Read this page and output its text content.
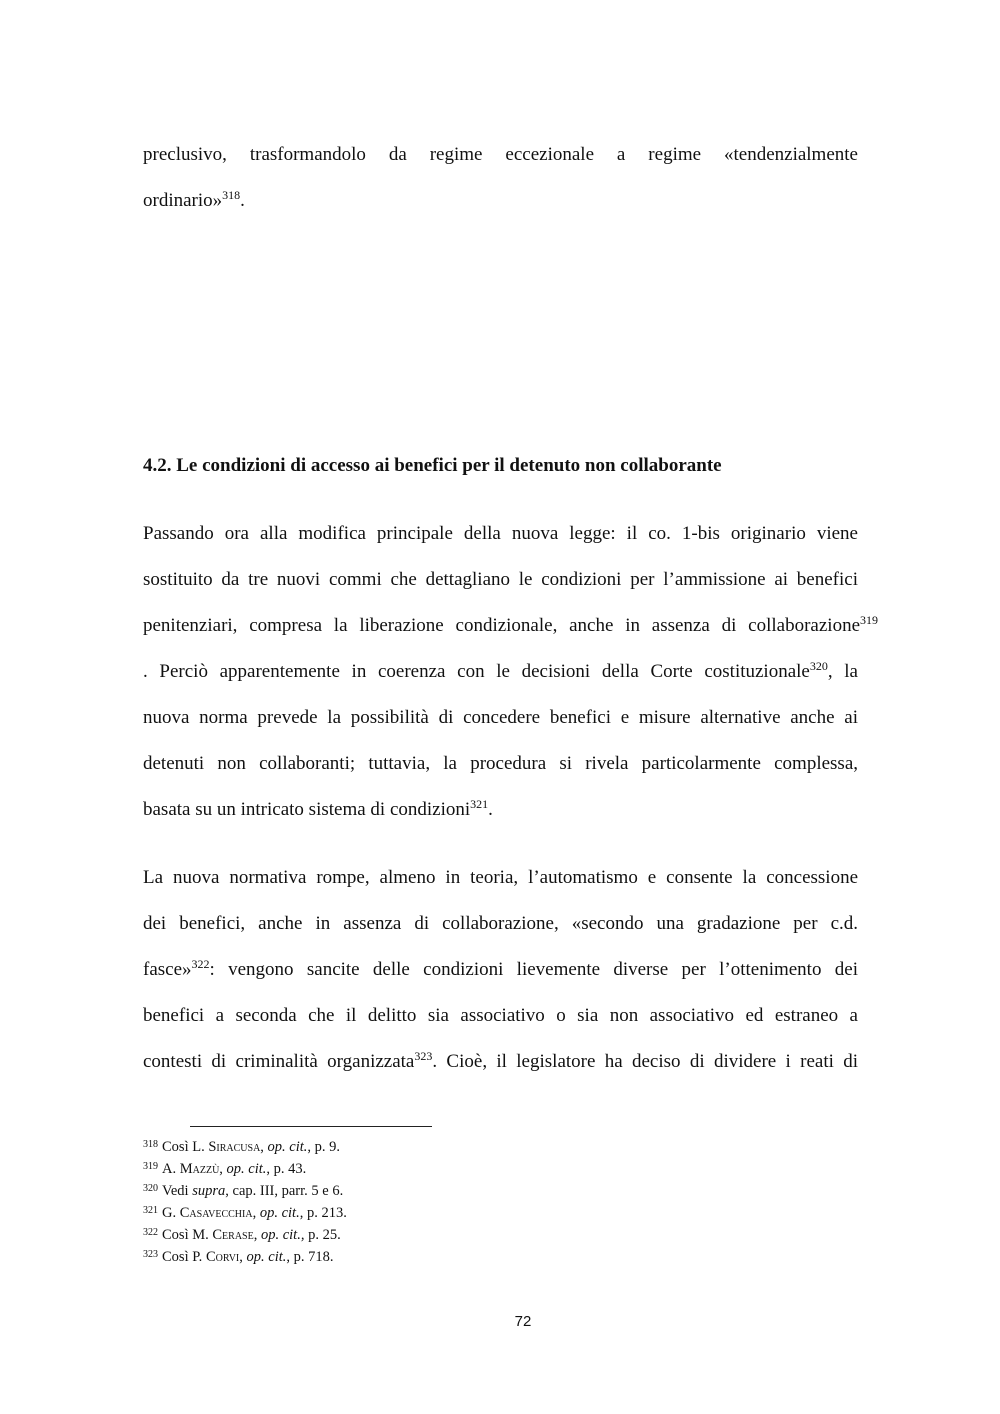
preclusivo, trasformandolo da regime eccezionale a regime «tendenzialmente
ordinario»$^{318}$.
4.2. Le condizioni di accesso ai benefici per il detenuto non collaborante
Passando ora alla modifica principale della nuova legge: il co. 1-bis originario viene
sostituito da tre nuovi commi che dettagliano le condizioni per l’ammissione ai benefici
penitenziari, compresa la liberazione condizionale, anche in assenza di collaborazione$^{319}$
. Perciò apparentemente in coerenza con le decisioni della Corte costituzionale$^{320}$, la
nuova norma prevede la possibilità di concedere benefici e misure alternative anche ai
detenuti non collaboranti; tuttavia, la procedura si rivela particolarmente complessa,
basata su un intricato sistema di condizioni$^{321}$.
La nuova normativa rompe, almeno in teoria, l’automatismo e consente la concessione
dei benefici, anche in assenza di collaborazione, «secondo una gradazione per c.d.
fasce»$^{322}$: vengono sancite delle condizioni lievemente diverse per l’ottenimento dei
benefici a seconda che il delitto sia associativo o sia non associativo ed estraneo a
contesti di criminalità organizzata$^{323}$. Cioè, il legislatore ha deciso di dividere i reati di
$^{318}$ Così L. Siracusa, op. cit., p. 9.
$^{319}$ A. Mazzù, op. cit., p. 43.
$^{320}$ Vedi supra, cap. III, parr. 5 e 6.
$^{321}$ G. Casavecchia, op. cit., p. 213.
$^{322}$ Così M. Cerase, op. cit., p. 25.
$^{323}$ Così P. Corvi, op. cit., p. 718.
72
